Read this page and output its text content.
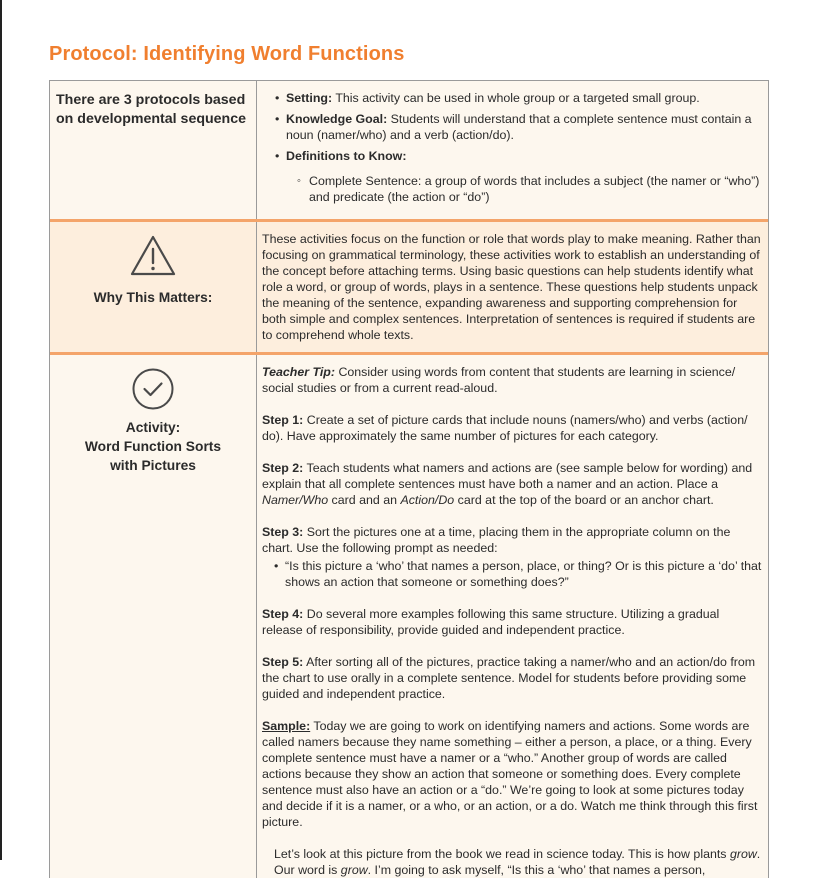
Protocol: Identifying Word Functions
There are 3 protocols based on developmental sequence
• Setting: This activity can be used in whole group or a targeted small group.
• Knowledge Goal: Students will understand that a complete sentence must contain a noun (namer/who) and a verb (action/do).
• Definitions to Know:
◦ Complete Sentence: a group of words that includes a subject (the namer or “who”) and predicate (the action or “do”)
Why This Matters:
These activities focus on the function or role that words play to make meaning. Rather than focusing on grammatical terminology, these activities work to establish an understanding of the concept before attaching terms. Using basic questions can help students identify what role a word, or group of words, plays in a sentence. These questions help students unpack the meaning of the sentence, expanding awareness and supporting comprehension for both simple and complex sentences. Interpretation of sentences is required if students are to comprehend whole texts.
Activity:
Word Function Sorts
with Pictures

Teacher Tip: Consider using words from content that students are learning in science/ social studies or from a current read-aloud.

Step 1: Create a set of picture cards that include nouns (namers/who) and verbs (action/ do). Have approximately the same number of pictures for each category.

Step 2: Teach students what namers and actions are (see sample below for wording) and explain that all complete sentences must have both a namer and an action. Place a Namer/Who card and an Action/Do card at the top of the board or an anchor chart.

Step 3: Sort the pictures one at a time, placing them in the appropriate column on the chart. Use the following prompt as needed:

• “Is this picture a ‘who’ that names a person, place, or thing? Or is this picture a ‘do’ that shows an action that someone or something does?”

Step 4: Do several more examples following this same structure. Utilizing a gradual release of responsibility, provide guided and independent practice.

Step 5: After sorting all of the pictures, practice taking a namer/who and an action/do from the chart to use orally in a complete sentence. Model for students before providing some guided and independent practice.

Sample: Today we are going to work on identifying namers and actions. Some words are called namers because they name something – either a person, a place, or a thing. Every complete sentence must have a namer or a “who.” Another group of words are called actions because they show an action that someone or something does. Every complete sentence must also have an action or a “do.” We’re going to look at some pictures today and decide if it is a namer, or a who, or an action, or a do. Watch me think through this first picture.

Let’s look at this picture from the book we read in science today. This is how plants grow. Our word is grow. I’m going to ask myself, “Is this a ‘who’ that names a person,
